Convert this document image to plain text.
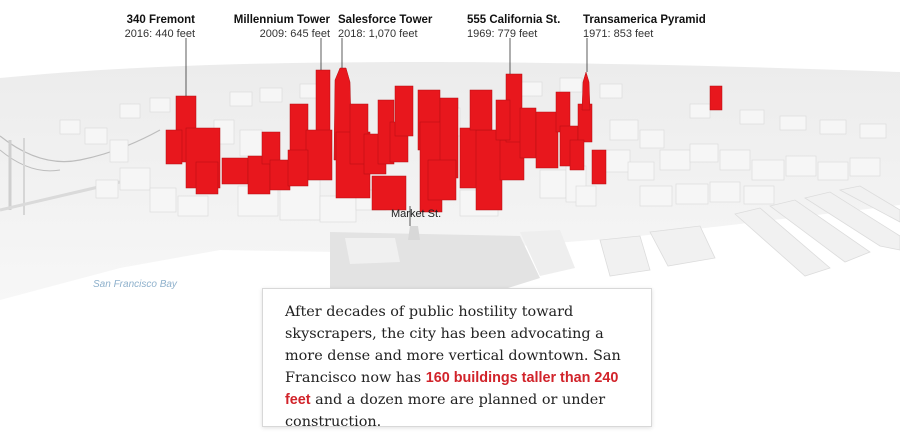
340 Fremont
2016: 440 feet
Millennium Tower
2009: 645 feet
Salesforce Tower
2018: 1,070 feet
555 California St.
1969: 779 feet
Transamerica Pyramid
1971: 853 feet
Market St.
San Francisco Bay
After decades of public hostility toward skyscrapers, the city has been advocating a more dense and more vertical downtown. San Francisco now has 160 buildings taller than 240 feet and a dozen more are planned or under construction.
